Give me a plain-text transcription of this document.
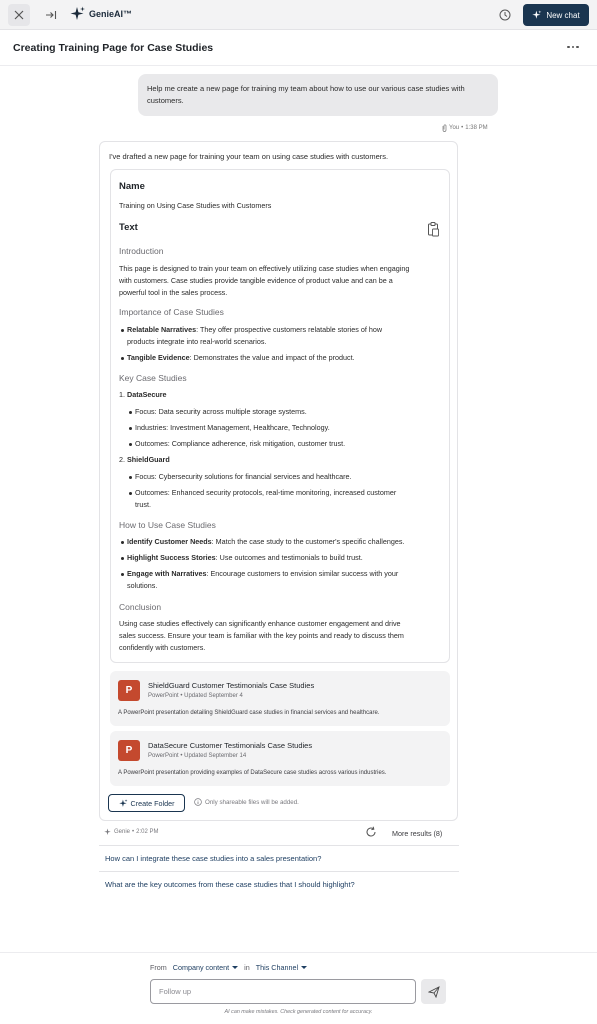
GenieAI™	New chat
Creating Training Page for Case Studies
Help me create a new page for training my team about how to use our various case studies with customers.
You • 1:38 PM
I've drafted a new page for training your team on using case studies with customers.
Name
Training on Using Case Studies with Customers
Text
Introduction
This page is designed to train your team on effectively utilizing case studies when engaging
with customers. Case studies provide tangible evidence of product value and can be a
powerful tool in the sales process.
Importance of Case Studies
Relatable Narratives: They offer prospective customers relatable stories of how
products integrate into real-world scenarios.
Tangible Evidence: Demonstrates the value and impact of the product.
Key Case Studies
1. DataSecure
Focus: Data security across multiple storage systems.
Industries: Investment Management, Healthcare, Technology.
Outcomes: Compliance adherence, risk mitigation, customer trust.
2. ShieldGuard
Focus: Cybersecurity solutions for financial services and healthcare.
Outcomes: Enhanced security protocols, real-time monitoring, increased customer
trust.
How to Use Case Studies
Identify Customer Needs: Match the case study to the customer's specific challenges.
Highlight Success Stories: Use outcomes and testimonials to build trust.
Engage with Narratives: Encourage customers to envision similar success with your
solutions.
Conclusion
Using case studies effectively can significantly enhance customer engagement and drive
sales success. Ensure your team is familiar with the key points and ready to discuss them
confidently with customers.
P	ShieldGuard Customer Testimonials Case Studies
PowerPoint • Updated September 4
A PowerPoint presentation detailing ShieldGuard case studies in financial services and healthcare.
P	DataSecure Customer Testimonials Case Studies
PowerPoint • Updated September 14
A PowerPoint presentation providing examples of DataSecure case studies across various industries.
Create Folder	Only shareable files will be added.
Genie • 2:02 PM	More results (8)
How can I integrate these case studies into a sales presentation?
What are the key outcomes from these case studies that I should highlight?
From Company content in This Channel
Follow up
AI can make mistakes. Check generated content for accuracy.
